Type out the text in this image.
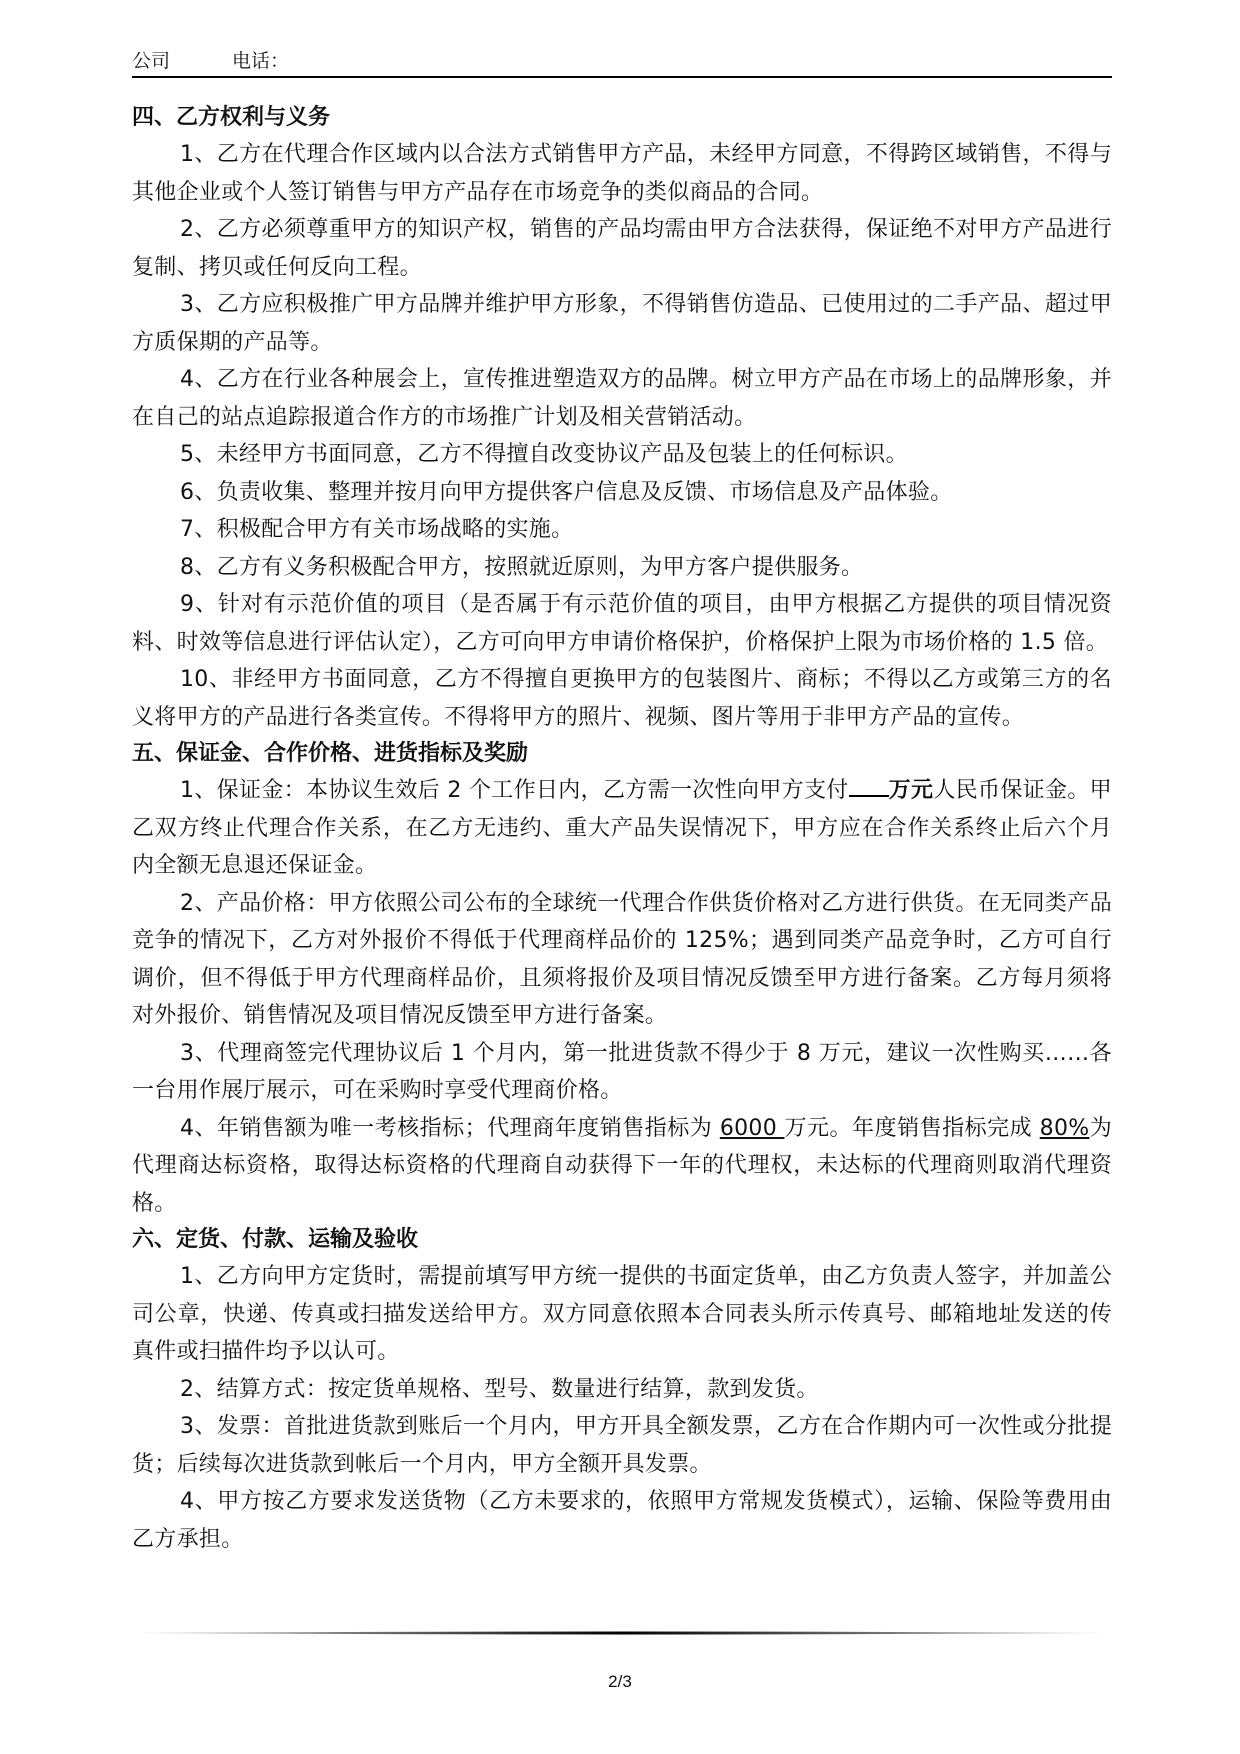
公司	电话：
四、乙方权利与义务
1、乙方在代理合作区域内以合法方式销售甲方产品，未经甲方同意，不得跨区域销售，不得与其他企业或个人签订销售与甲方产品存在市场竞争的类似商品的合同。
2、乙方必须尊重甲方的知识产权，销售的产品均需由甲方合法获得，保证绝不对甲方产品进行复制、拷贝或任何反向工程。
3、乙方应积极推广甲方品牌并维护甲方形象，不得销售仿造品、已使用过的二手产品、超过甲方质保期的产品等。
4、乙方在行业各种展会上，宣传推进塑造双方的品牌。树立甲方产品在市场上的品牌形象，并在自己的站点追踪报道合作方的市场推广计划及相关营销活动。
5、未经甲方书面同意，乙方不得擅自改变协议产品及包装上的任何标识。
6、负责收集、整理并按月向甲方提供客户信息及反馈、市场信息及产品体验。
7、积极配合甲方有关市场战略的实施。
8、乙方有义务积极配合甲方，按照就近原则，为甲方客户提供服务。
9、针对有示范价值的项目（是否属于有示范价值的项目，由甲方根据乙方提供的项目情况资料、时效等信息进行评估认定），乙方可向甲方申请价格保护，价格保护上限为市场价格的 1.5 倍。
10、非经甲方书面同意，乙方不得擅自更换甲方的包装图片、商标；不得以乙方或第三方的名义将甲方的产品进行各类宣传。不得将甲方的照片、视频、图片等用于非甲方产品的宣传。
五、保证金、合作价格、进货指标及奖励
1、保证金：本协议生效后 2 个工作日内，乙方需一次性向甲方支付 万元人民币保证金。甲乙双方终止代理合作关系，在乙方无违约、重大产品失误情况下，甲方应在合作关系终止后六个月内全额无息退还保证金。
2、产品价格：甲方依照公司公布的全球统一代理合作供货价格对乙方进行供货。在无同类产品竞争的情况下，乙方对外报价不得低于代理商样品价的 125%；遇到同类产品竞争时，乙方可自行调价，但不得低于甲方代理商样品价，且须将报价及项目情况反馈至甲方进行备案。乙方每月须将对外报价、销售情况及项目情况反馈至甲方进行备案。
3、代理商签完代理协议后 1 个月内，第一批进货款不得少于 8 万元，建议一次性购买……各一台用作展厅展示，可在采购时享受代理商价格。
4、年销售额为唯一考核指标；代理商年度销售指标为 6000 万元。年度销售指标完成 80%为代理商达标资格，取得达标资格的代理商自动获得下一年的代理权，未达标的代理商则取消代理资格。
六、定货、付款、运输及验收
1、乙方向甲方定货时，需提前填写甲方统一提供的书面定货单，由乙方负责人签字，并加盖公司公章，快递、传真或扫描发送给甲方。双方同意依照本合同表头所示传真号、邮箱地址发送的传真件或扫描件均予以认可。
2、结算方式：按定货单规格、型号、数量进行结算，款到发货。
3、发票：首批进货款到账后一个月内，甲方开具全额发票，乙方在合作期内可一次性或分批提货；后续每次进货款到帐后一个月内，甲方全额开具发票。
4、甲方按乙方要求发送货物（乙方未要求的，依照甲方常规发货模式），运输、保险等费用由乙方承担。
2/3
